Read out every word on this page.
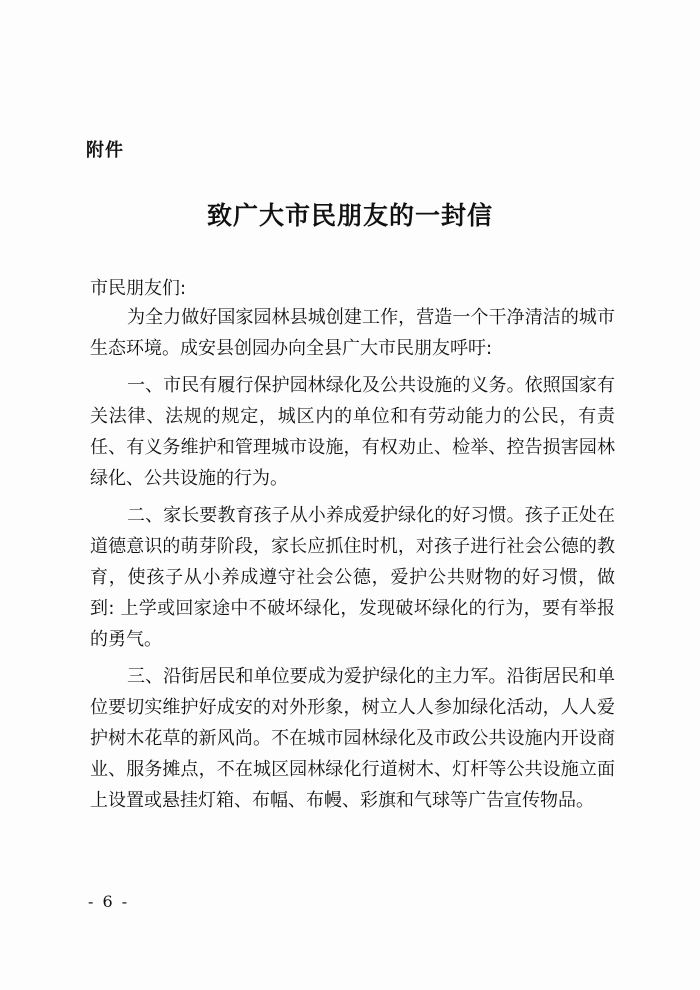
附件
致广大市民朋友的一封信
市民朋友们:

为全力做好国家园林县城创建工作，营造一个干净清洁的城市生态环境。成安县创园办向全县广大市民朋友呼吁:

一、市民有履行保护园林绿化及公共设施的义务。依照国家有关法律、法规的规定，城区内的单位和有劳动能力的公民，有责任、有义务维护和管理城市设施，有权劝止、检举、控告损害园林绿化、公共设施的行为。

二、家长要教育孩子从小养成爱护绿化的好习惯。孩子正处在道德意识的萌芽阶段，家长应抓住时机，对孩子进行社会公德的教育，使孩子从小养成遵守社会公德，爱护公共财物的好习惯，做到: 上学或回家途中不破坏绿化，发现破坏绿化的行为，要有举报的勇气。

三、沿街居民和单位要成为爱护绿化的主力军。沿街居民和单位要切实维护好成安的对外形象，树立人人参加绿化活动，人人爱护树木花草的新风尚。不在城市园林绿化及市政公共设施内开设商业、服务摊点，不在城区园林绿化行道树木、灯杆等公共设施立面上设置或悬挂灯箱、布幅、布幔、彩旗和气球等广告宣传物品。

- 6 -
